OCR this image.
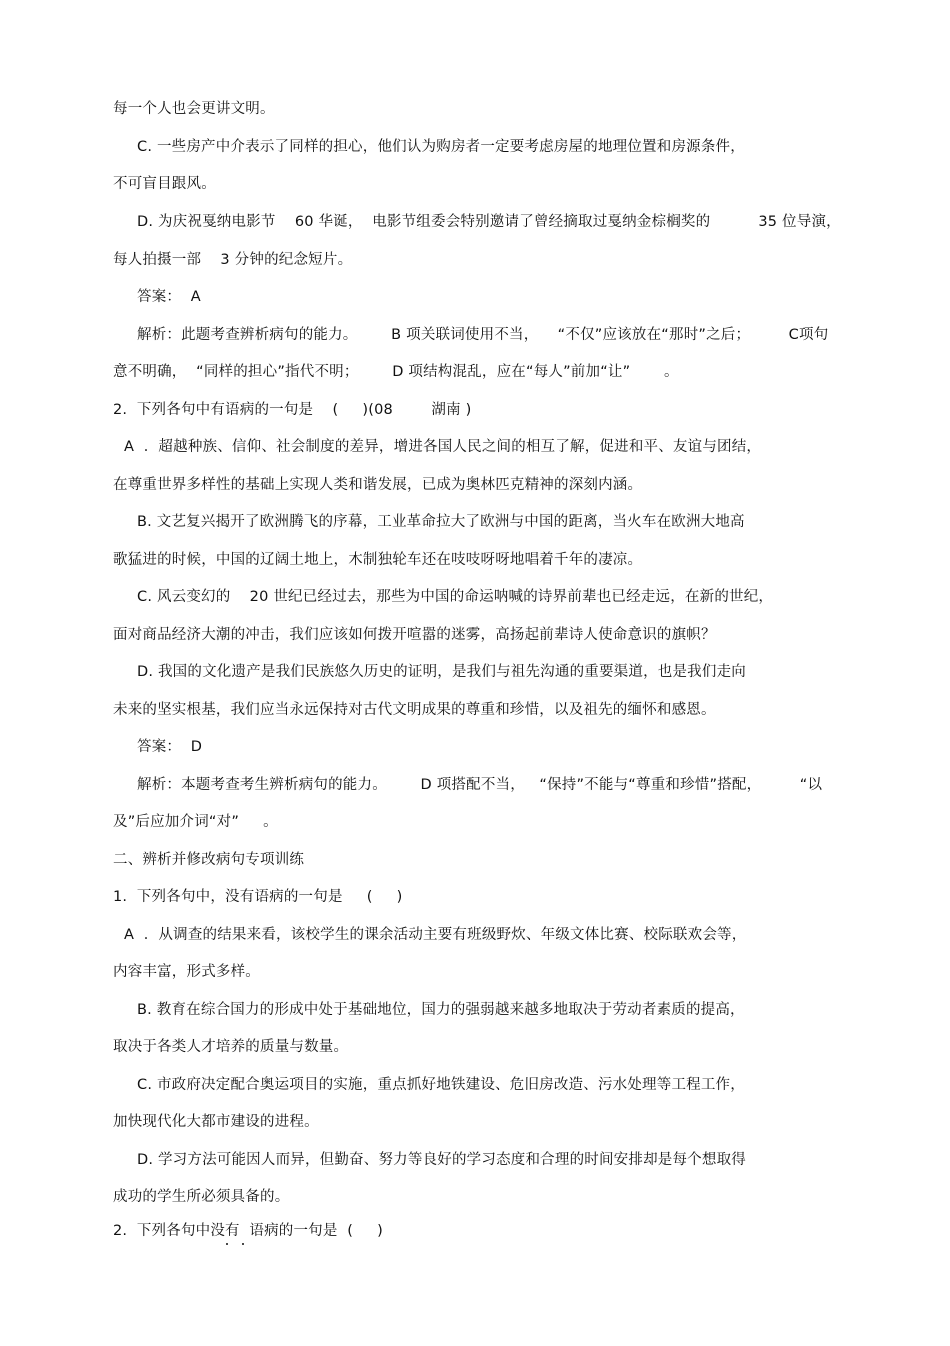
每一个人也会更讲文明。
C. 一些房产中介表示了同样的担心，他们认为购房者一定要考虑房屋的地理位置和房源条件，
不可盲目跟风。
D. 为庆祝戛纳电影节    60 华诞，  电影节组委会特别邀请了曾经摘取过戛纳金棕榈奖的          35 位导演，
每人拍摄一部    3 分钟的纪念短片。
答案：  A
解析：此题考查辨析病句的能力。       B 项关联词使用不当，    “不仅”应该放在“那时”之后；        C项句
意不明确，  “同样的担心”指代不明；       D 项结构混乱，应在“每人”前加“让”       。
2.  下列各句中有语病的一句是    (     )(08        湖南 )
A  ．超越种族、信仰、社会制度的差异，增进各国人民之间的相互了解，促进和平、友谊与团结，
在尊重世界多样性的基础上实现人类和谐发展，已成为奥林匹克精神的深刻内涵。
B. 文艺复兴揭开了欧洲腾飞的序幕，工业革命拉大了欧洲与中国的距离，当火车在欧洲大地高
歌猛进的时候，中国的辽阔土地上，木制独轮车还在吱吱呀呀地唱着千年的凄凉。
C. 风云变幻的    20 世纪已经过去，那些为中国的命运呐喊的诗界前辈也已经走远，在新的世纪，
面对商品经济大潮的冲击，我们应该如何拨开喧嚣的迷雾，高扬起前辈诗人使命意识的旗帜？
D. 我国的文化遗产是我们民族悠久历史的证明，是我们与祖先沟通的重要渠道，也是我们走向
未来的坚实根基，我们应当永远保持对古代文明成果的尊重和珍惜，以及祖先的缅怀和感恩。
答案：  D
解析：本题考查考生辨析病句的能力。       D 项搭配不当，   “保持”不能与“尊重和珍惜”搭配，        “以
及”后应加介词“对”     。
二、辨析并修改病句专项训练
1.  下列各句中，没有语病的一句是     (     )
A  ．从调查的结果来看，该校学生的课余活动主要有班级野炊、年级文体比赛、校际联欢会等，
内容丰富，形式多样。
B. 教育在综合国力的形成中处于基础地位，国力的强弱越来越多地取决于劳动者素质的提高，
取决于各类人才培养的质量与数量。
C. 市政府决定配合奥运项目的实施，重点抓好地铁建设、危旧房改造、污水处理等工程工作，
加快现代化大都市建设的进程。
D. 学习方法可能因人而异，但勤奋、努力等良好的学习态度和合理的时间安排却是每个想取得
成功的学生所必须具备的。
2.  下列各句中没有  语病的一句是  (     )
